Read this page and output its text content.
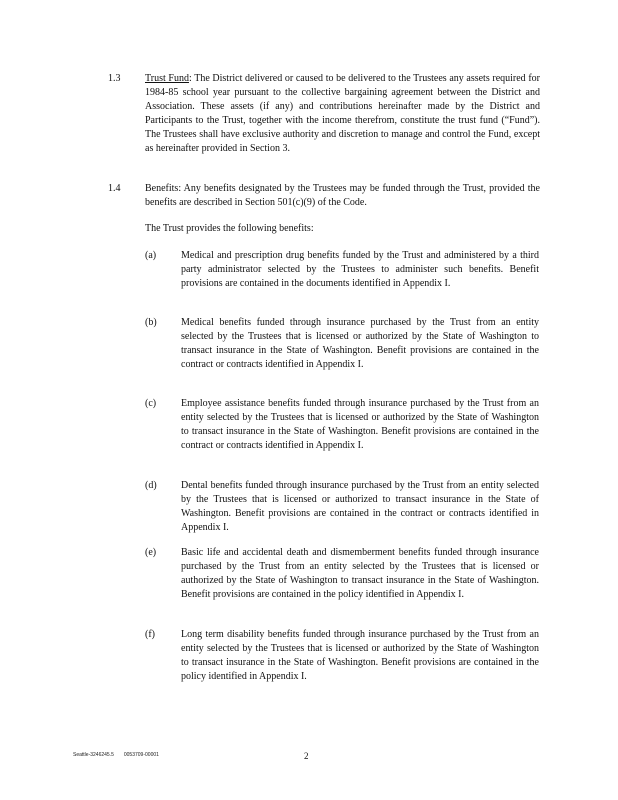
1.3 Trust Fund: The District delivered or caused to be delivered to the Trustees any assets required for 1984-85 school year pursuant to the collective bargaining agreement between the District and Association. These assets (if any) and contributions hereinafter made by the District and Participants to the Trust, together with the income therefrom, constitute the trust fund (“Fund”). The Trustees shall have exclusive authority and discretion to manage and control the Fund, except as hereinafter provided in Section 3.
1.4 Benefits: Any benefits designated by the Trustees may be funded through the Trust, provided the benefits are described in Section 501(c)(9) of the Code.
The Trust provides the following benefits:
(a) Medical and prescription drug benefits funded by the Trust and administered by a third party administrator selected by the Trustees to administer such benefits. Benefit provisions are contained in the documents identified in Appendix I.
(b) Medical benefits funded through insurance purchased by the Trust from an entity selected by the Trustees that is licensed or authorized by the State of Washington to transact insurance in the State of Washington. Benefit provisions are contained in the contract or contracts identified in Appendix I.
(c) Employee assistance benefits funded through insurance purchased by the Trust from an entity selected by the Trustees that is licensed or authorized by the State of Washington to transact insurance in the State of Washington. Benefit provisions are contained in the contract or contracts identified in Appendix I.
(d) Dental benefits funded through insurance purchased by the Trust from an entity selected by the Trustees that is licensed or authorized to transact insurance in the State of Washington. Benefit provisions are contained in the contract or contracts identified in Appendix I.
(e) Basic life and accidental death and dismemberment benefits funded through insurance purchased by the Trust from an entity selected by the Trustees that is licensed or authorized by the State of Washington to transact insurance in the State of Washington. Benefit provisions are contained in the policy identified in Appendix I.
(f)	Long term disability benefits funded through insurance purchased by the Trust from an entity selected by the Trustees that is licensed or authorized by the State of Washington to transact insurance in the State of Washington. Benefit provisions are contained in the policy identified in Appendix I.
Seattle-3246245.5 0053709-00001	2
